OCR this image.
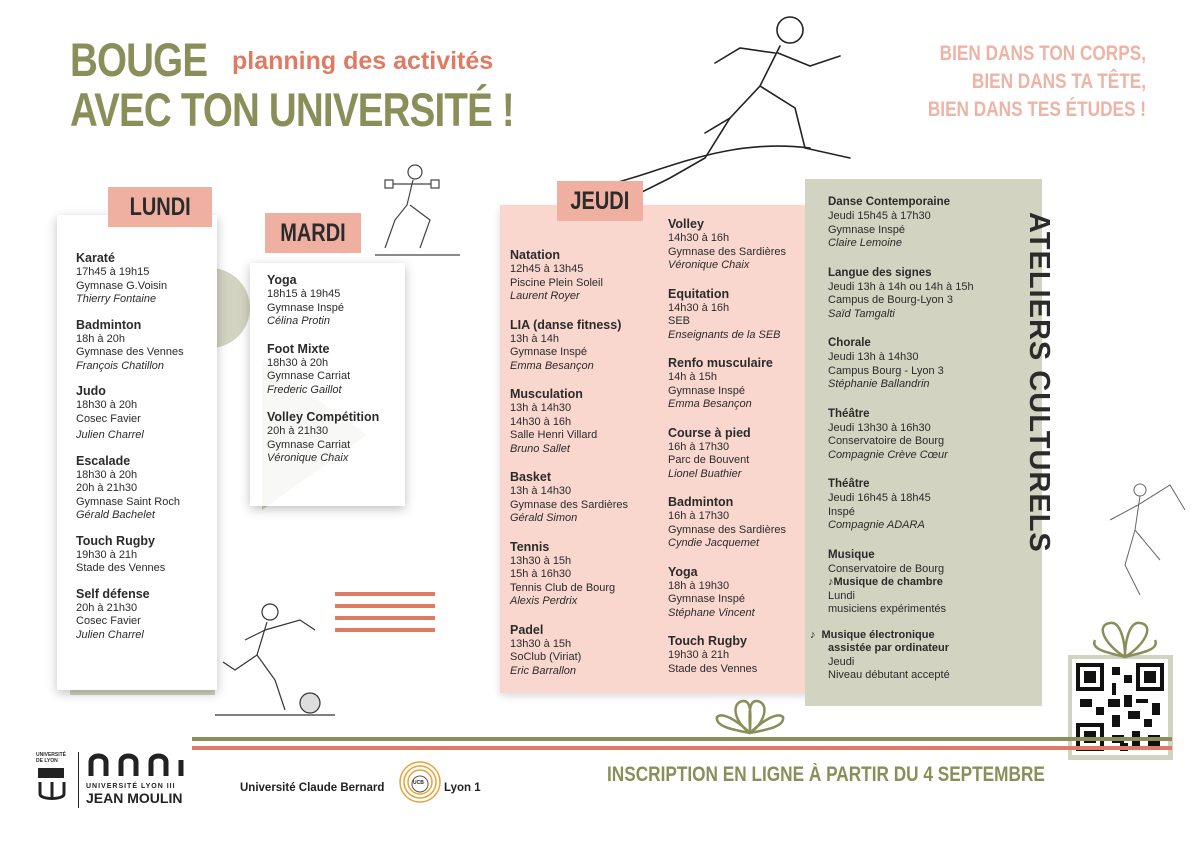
BOUGE
AVEC TON UNIVERSITÉ !
planning des activités	BIEN DANS TON CORPS,
BIEN DANS TA TÊTE,
BIEN DANS TES ÉTUDES !
LUNDI
Karaté
17h45 à 19h15
Gymnase G.Voisin
Thierry Fontaine
Badminton
18h à 20h
Gymnase des Vennes
François Chatillon
Judo
18h30 à 20h
Cosec Favier
Julien Charrel
Escalade
18h30 à 20h
20h à 21h30
Gymnase Saint Roch
Gérald Bachelet
Touch Rugby
19h30 à 21h
Stade des Vennes
Self défense
20h à 21h30
Cosec Favier
Julien Charrel
MARDI
Yoga
18h15 à 19h45
Gymnase Inspé
Célina Protin
Foot Mixte
18h30 à 20h
Gymnase Carriat
Frederic Gaillot
Volley Compétition
20h à 21h30
Gymnase Carriat
Véronique Chaix
JEUDI
Natation
12h45 à 13h45
Piscine Plein Soleil
Laurent Royer
LIA (danse fitness)
13h à 14h
Gymnase Inspé
Emma Besançon
Musculation
13h à 14h30
14h30 à 16h
Salle Henri Villard
Bruno Sallet
Basket
13h à 14h30
Gymnase des Sardières
Gérald Simon
Tennis
13h30 à 15h
15h à 16h30
Tennis Club de Bourg
Alexis Perdrix
Padel
13h30 à 15h
SoClub (Viriat)
Eric Barrallon
Volley
14h30 à 16h
Gymnase des Sardières
Véronique Chaix
Equitation
14h30 à 16h
SEB
Enseignants de la SEB
Renfo musculaire
14h à 15h
Gymnase Inspé
Emma Besançon
Course à pied
16h à 17h30
Parc de Bouvent
Lionel Buathier
Badminton
16h à 17h30
Gymnase des Sardières
Cyndie Jacquemet
Yoga
18h à 19h30
Gymnase Inspé
Stéphane Vincent
Touch Rugby
19h30 à 21h
Stade des Vennes
ATELIERS CULTURELS
Danse Contemporaine
Jeudi 15h45 à 17h30
Gymnase Inspé
Claire Lemoine
Langue des signes
Jeudi 13h à 14h ou 14h à 15h
Campus de Bourg-Lyon 3
Saïd Tamgalti
Chorale
Jeudi 13h à 14h30
Campus Bourg - Lyon 3
Stéphanie Ballandrin
Théâtre
Jeudi 13h30 à 16h30
Conservatoire de Bourg
Compagnie Crève Cœur
Théâtre
Jeudi 16h45 à 18h45
Inspé
Compagnie ADARA
Musique
Conservatoire de Bourg
♪Musique de chambre
Lundi
musiciens expérimentés
♪ Musique électronique
assistée par ordinateur
Jeudi
Niveau débutant accepté
INSCRIPTION EN LIGNE À PARTIR DU 4 SEPTEMBRE
UNIVERSITÉ
DE LYON
UNIVERSITÉ LYON III
JEAN MOULIN
Université Claude Bernard	UCB Lyon 1
